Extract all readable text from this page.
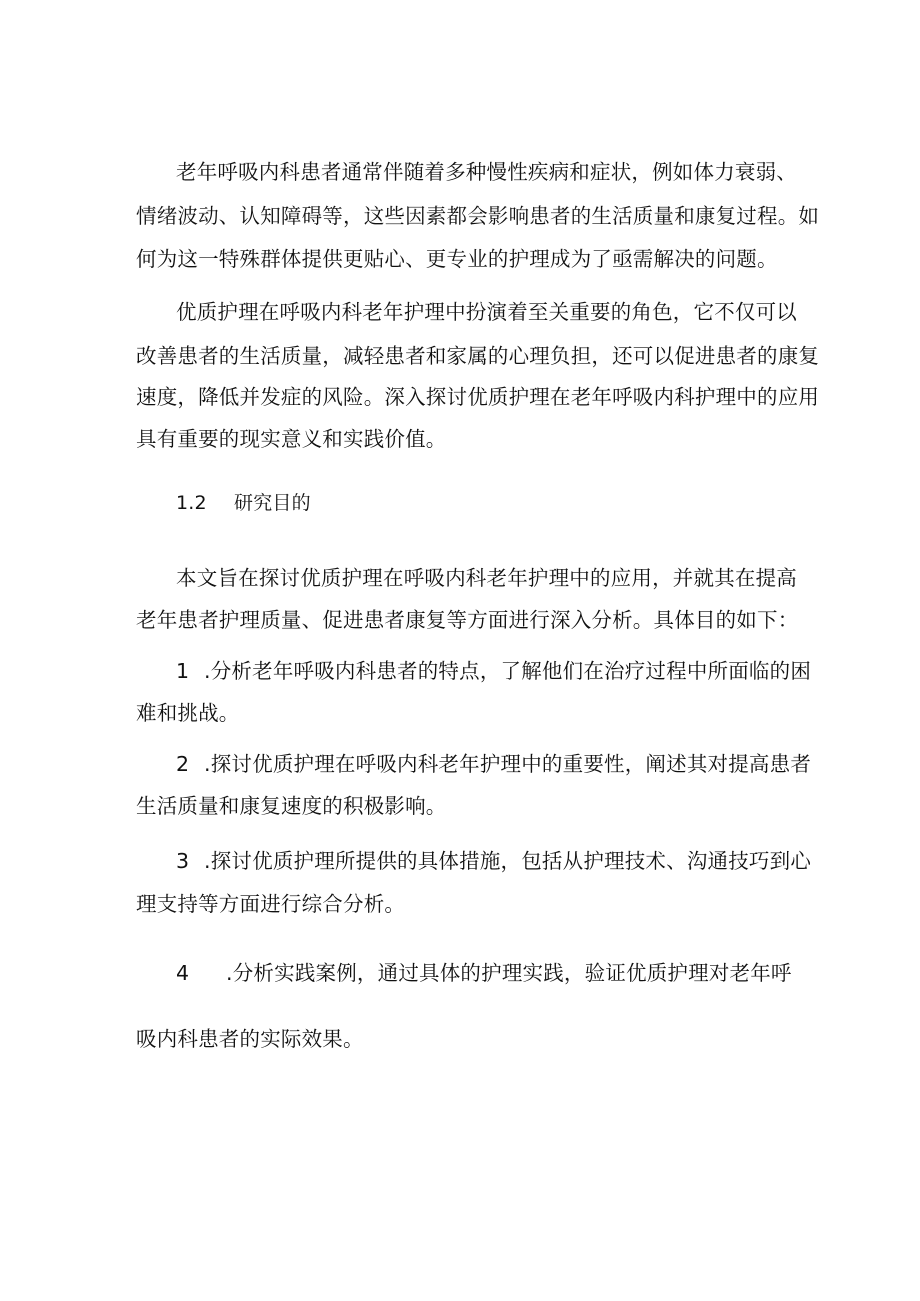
老年呼吸内科患者通常伴随着多种慢性疾病和症状，例如体力衰弱、
情绪波动、认知障碍等，这些因素都会影响患者的生活质量和康复过程。如
何为这一特殊群体提供更贴心、更专业的护理成为了亟需解决的问题。
优质护理在呼吸内科老年护理中扮演着至关重要的角色，它不仅可以
改善患者的生活质量，减轻患者和家属的心理负担，还可以促进患者的康复
速度，降低并发症的风险。深入探讨优质护理在老年呼吸内科护理中的应用
具有重要的现实意义和实践价值。
1.2 研究目的
本文旨在探讨优质护理在呼吸内科老年护理中的应用，并就其在提高
老年患者护理质量、促进患者康复等方面进行深入分析。具体目的如下：
1 .分析老年呼吸内科患者的特点，了解他们在治疗过程中所面临的困
难和挑战。
2 .探讨优质护理在呼吸内科老年护理中的重要性，阐述其对提高患者
生活质量和康复速度的积极影响。
3 .探讨优质护理所提供的具体措施，包括从护理技术、沟通技巧到心
理支持等方面进行综合分析。
4 .分析实践案例，通过具体的护理实践，验证优质护理对老年呼
吸内科患者的实际效果。
